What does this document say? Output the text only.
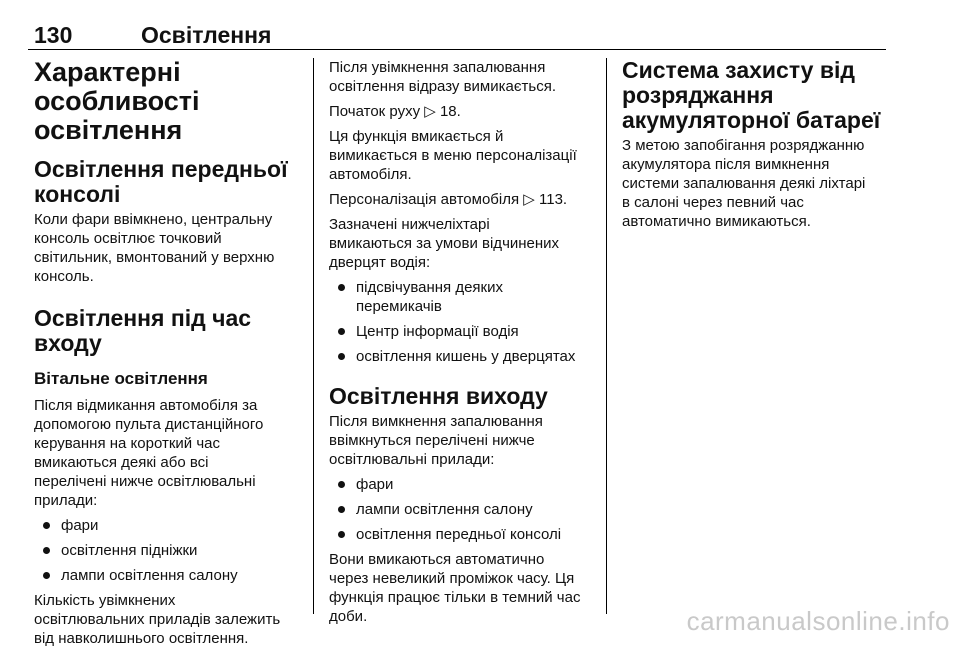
130	Освітлення
Характерні
особливості
освітлення
Освітлення передньої
консолі
Коли фари ввімкнено, центральну
консоль освітлює точковий
світильник, вмонтований у верхню
консоль.
Освітлення під час входу
Вітальне освітлення
Після відмикання автомобіля за
допомогою пульта дистанційного
керування на короткий час
вмикаються деякі або всі
перелічені нижче освітлювальні
прилади:
фари
освітлення підніжки
лампи освітлення салону
Кількість увімкнених
освітлювальних приладів залежить
від навколишнього освітлення.
Після увімкнення запалювання
освітлення відразу вимикається.
Початок руху ▷ 18.
Ця функція вмикається й
вимикається в меню персоналізації
автомобіля.
Персоналізація автомобіля ▷ 113.
Зазначені нижчеліхтарі
вмикаються за умови відчинених
дверцят водія:
підсвічування деяких
перемикачів
Центр інформації водія
освітлення кишень у дверцятах
Освітлення виходу
Після вимкнення запалювання
ввімкнуться перелічені нижче
освітлювальні прилади:
фари
лампи освітлення салону
освітлення передньої консолі
Вони вмикаються автоматично
через невеликий проміжок часу. Ця
функція працює тільки в темний час
доби.
Система захисту від
розряджання
акумуляторної батареї
З метою запобігання розряджанню
акумулятора після вимкнення
системи запалювання деякі ліхтарі
в салоні через певний час
автоматично вимикаються.
carmanualsonline.info
